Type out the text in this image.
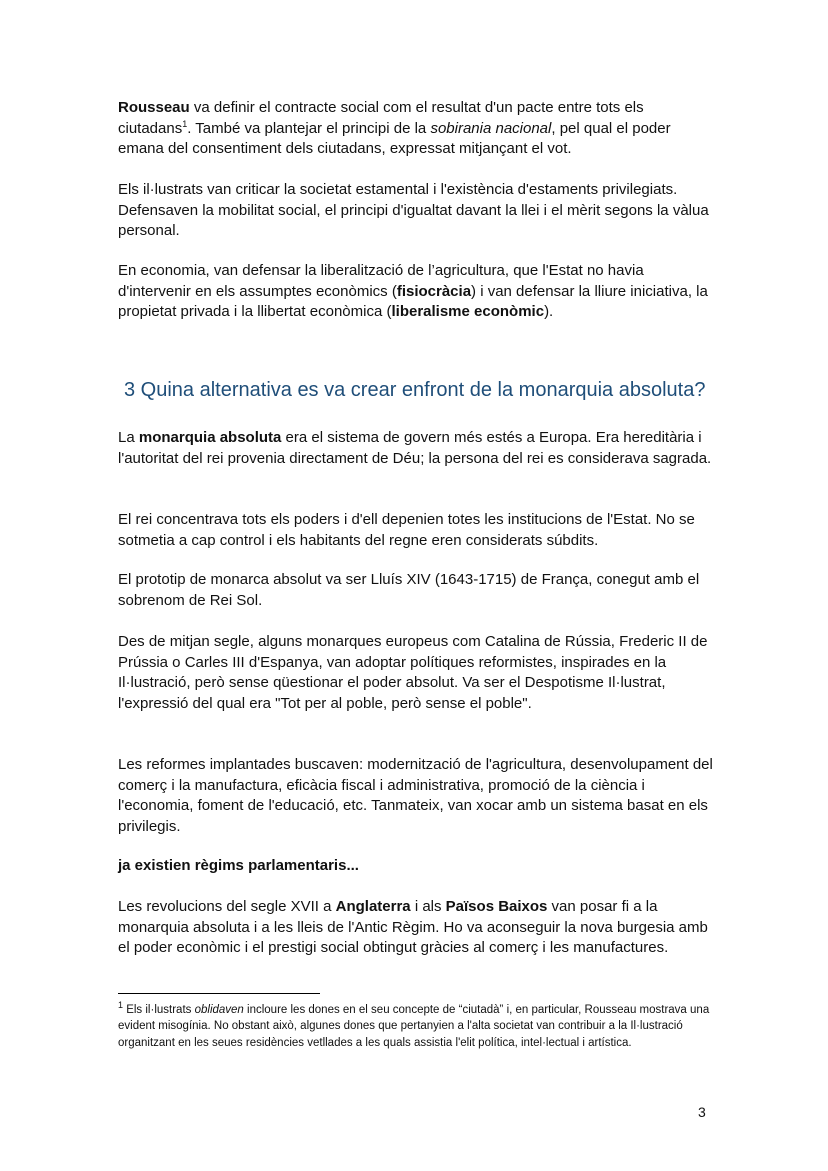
Rousseau va definir el contracte social com el resultat d'un pacte entre tots els ciutadans$^1$. També va plantejar el principi de la sobirania nacional, pel qual el poder emana del consentiment dels ciutadans, expressat mitjançant el vot.

Els il·lustrats van criticar la societat estamental i l'existència d'estaments privilegiats. Defensaven la mobilitat social, el principi d'igualtat davant la llei i el mèrit segons la vàlua personal.

En economia, van defensar la liberalització de l’agricultura, que l'Estat no havia d'intervenir en els assumptes econòmics (fisiocràcia) i van defensar la lliure iniciativa, la propietat privada i la llibertat econòmica (liberalisme econòmic).

3 Quina alternativa es va crear enfront de la monarquia absoluta?

La monarquia absoluta era el sistema de govern més estés a Europa. Era hereditària i l'autoritat del rei provenia directament de Déu; la persona del rei es considerava sagrada.

El rei concentrava tots els poders i d'ell depenien totes les institucions de l'Estat. No se sotmetia a cap control i els habitants del regne eren considerats súbdits.

El prototip de monarca absolut va ser Lluís XIV (1643-1715) de França, conegut amb el sobrenom de Rei Sol.

Des de mitjan segle, alguns monarques europeus com Catalina de Rússia, Frederic II de Prússia o Carles III d'Espanya, van adoptar polítiques reformistes, inspirades en la Il·lustració, però sense qüestionar el poder absolut. Va ser el Despotisme Il·lustrat, l'expressió del qual era "Tot per al poble, però sense el poble".

Les reformes implantades buscaven: modernització de l'agricultura, desenvolupament del comerç i la manufactura, eficàcia fiscal i administrativa, promoció de la ciència i l'economia, foment de l'educació, etc. Tanmateix, van xocar amb un sistema basat en els privilegis.

ja existien règims parlamentaris...

Les revolucions del segle XVII a Anglaterra i als Països Baixos van posar fi a la monarquia absoluta i a les lleis de l'Antic Règim. Ho va aconseguir la nova burgesia amb el poder econòmic i el prestigi social obtingut gràcies al comerç i les manufactures.

$^1$ Els il·lustrats oblidaven incloure les dones en el seu concepte de “ciutadà” i, en particular, Rousseau mostrava una evident misogínia. No obstant això, algunes dones que pertanyien a l'alta societat van contribuir a la Il·lustració organitzant en les seues residències vetllades a les quals assistia l'elit política, intel·lectual i artística.

3
